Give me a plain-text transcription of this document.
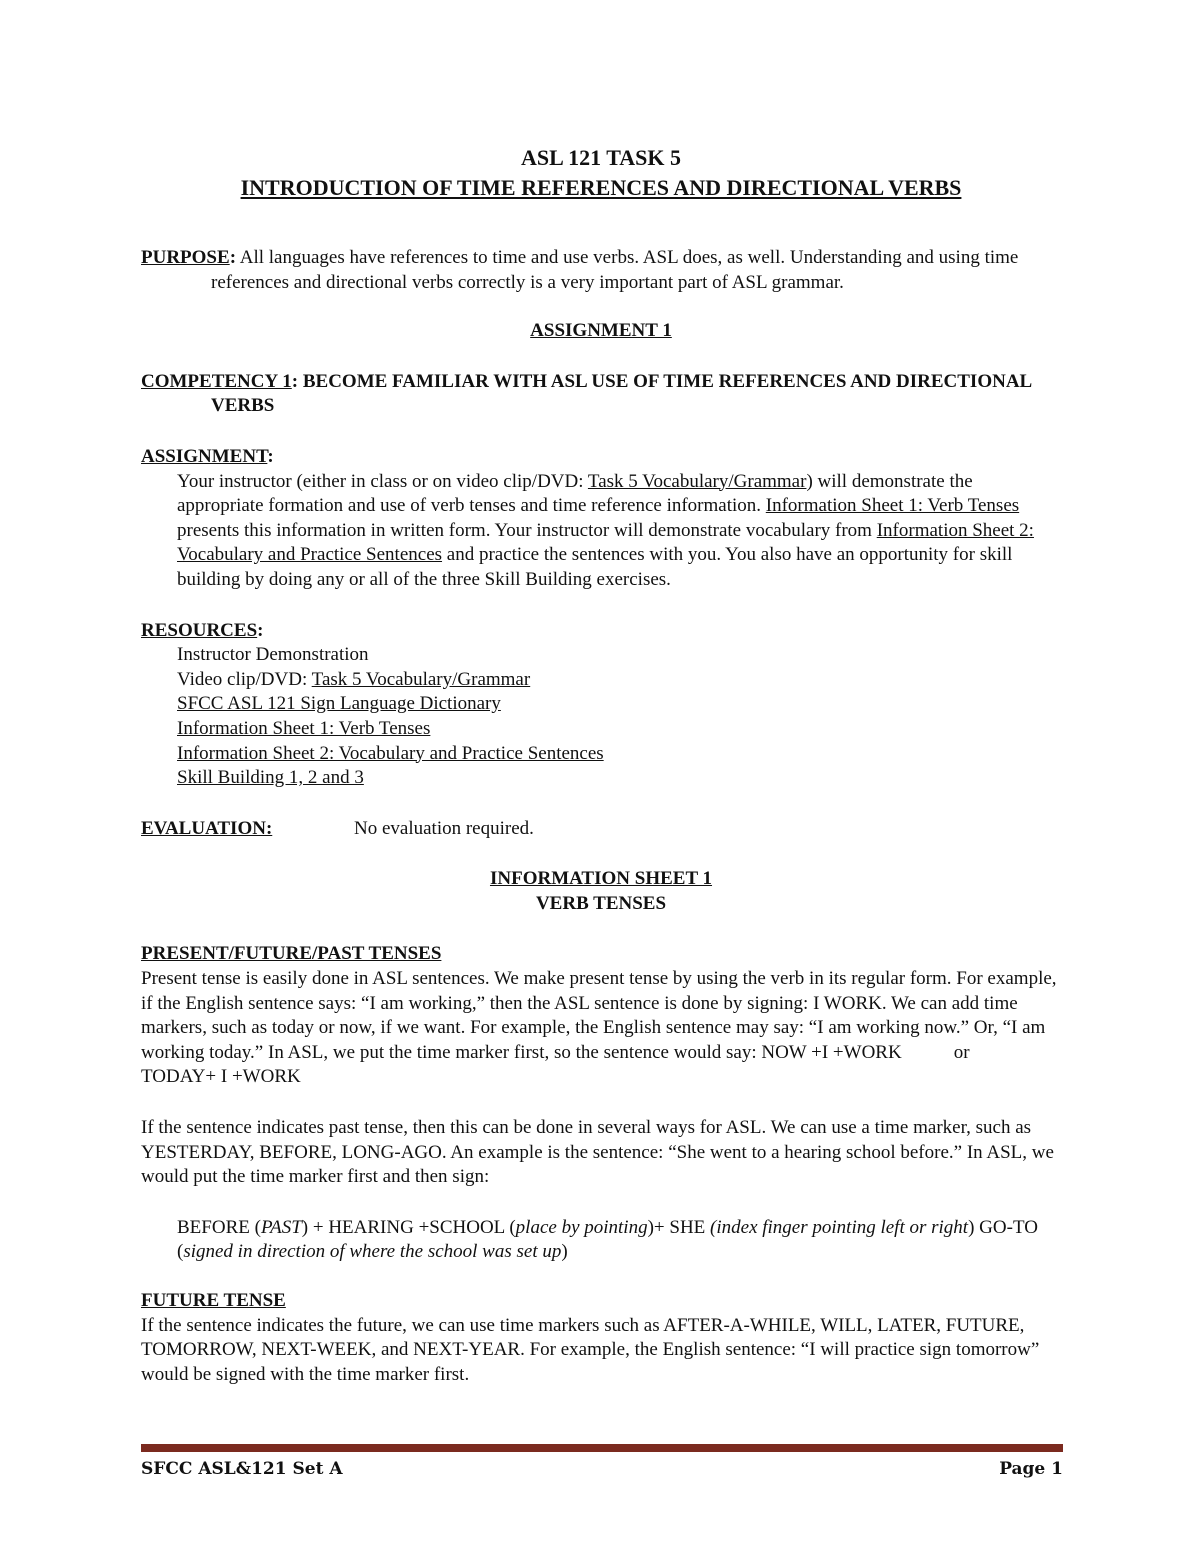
ASL 121 TASK 5
INTRODUCTION OF TIME REFERENCES AND DIRECTIONAL VERBS

PURPOSE: All languages have references to time and use verbs. ASL does, as well. Understanding and using time references and directional verbs correctly is a very important part of ASL grammar.

ASSIGNMENT 1

COMPETENCY 1: BECOME FAMILIAR WITH ASL USE OF TIME REFERENCES AND DIRECTIONAL VERBS

ASSIGNMENT:

Your instructor (either in class or on video clip/DVD: Task 5 Vocabulary/Grammar) will demonstrate the appropriate formation and use of verb tenses and time reference information. Information Sheet 1: Verb Tenses presents this information in written form. Your instructor will demonstrate vocabulary from Information Sheet 2: Vocabulary and Practice Sentences and practice the sentences with you. You also have an opportunity for skill building by doing any or all of the three Skill Building exercises.

RESOURCES:

Instructor Demonstration
Video clip/DVD: Task 5 Vocabulary/Grammar
SFCC ASL 121 Sign Language Dictionary
Information Sheet 1: Verb Tenses
Information Sheet 2: Vocabulary and Practice Sentences
Skill Building 1, 2 and 3

EVALUATION:	No evaluation required.

INFORMATION SHEET 1
VERB TENSES
PRESENT/FUTURE/PAST TENSES

Present tense is easily done in ASL sentences. We make present tense by using the verb in its regular form. For example, if the English sentence says: “I am working,” then the ASL sentence is done by signing: I WORK. We can add time markers, such as today or now, if we want. For example, the English sentence may say: “I am working now.” Or, “I am working today.” In ASL, we put the time marker first, so the sentence would say: NOW +I +WORK	orTODAY+ I +WORK

If the sentence indicates past tense, then this can be done in several ways for ASL. We can use a time marker, such as YESTERDAY, BEFORE, LONG-AGO. An example is the sentence: “She went to a hearing school before.” In ASL, we would put the time marker first and then sign:

BEFORE (PAST) + HEARING +SCHOOL (place by pointing)+ SHE (index finger pointing left or right) GO-TO (signed in direction of where the school was set up)

FUTURE TENSE

If the sentence indicates the future, we can use time markers such as AFTER-A-WHILE, WILL, LATER, FUTURE, TOMORROW, NEXT-WEEK, and NEXT-YEAR. For example, the English sentence: “I will practice sign tomorrow” would be signed with the time marker first.

SFCC ASL&121 Set A	Page 1
